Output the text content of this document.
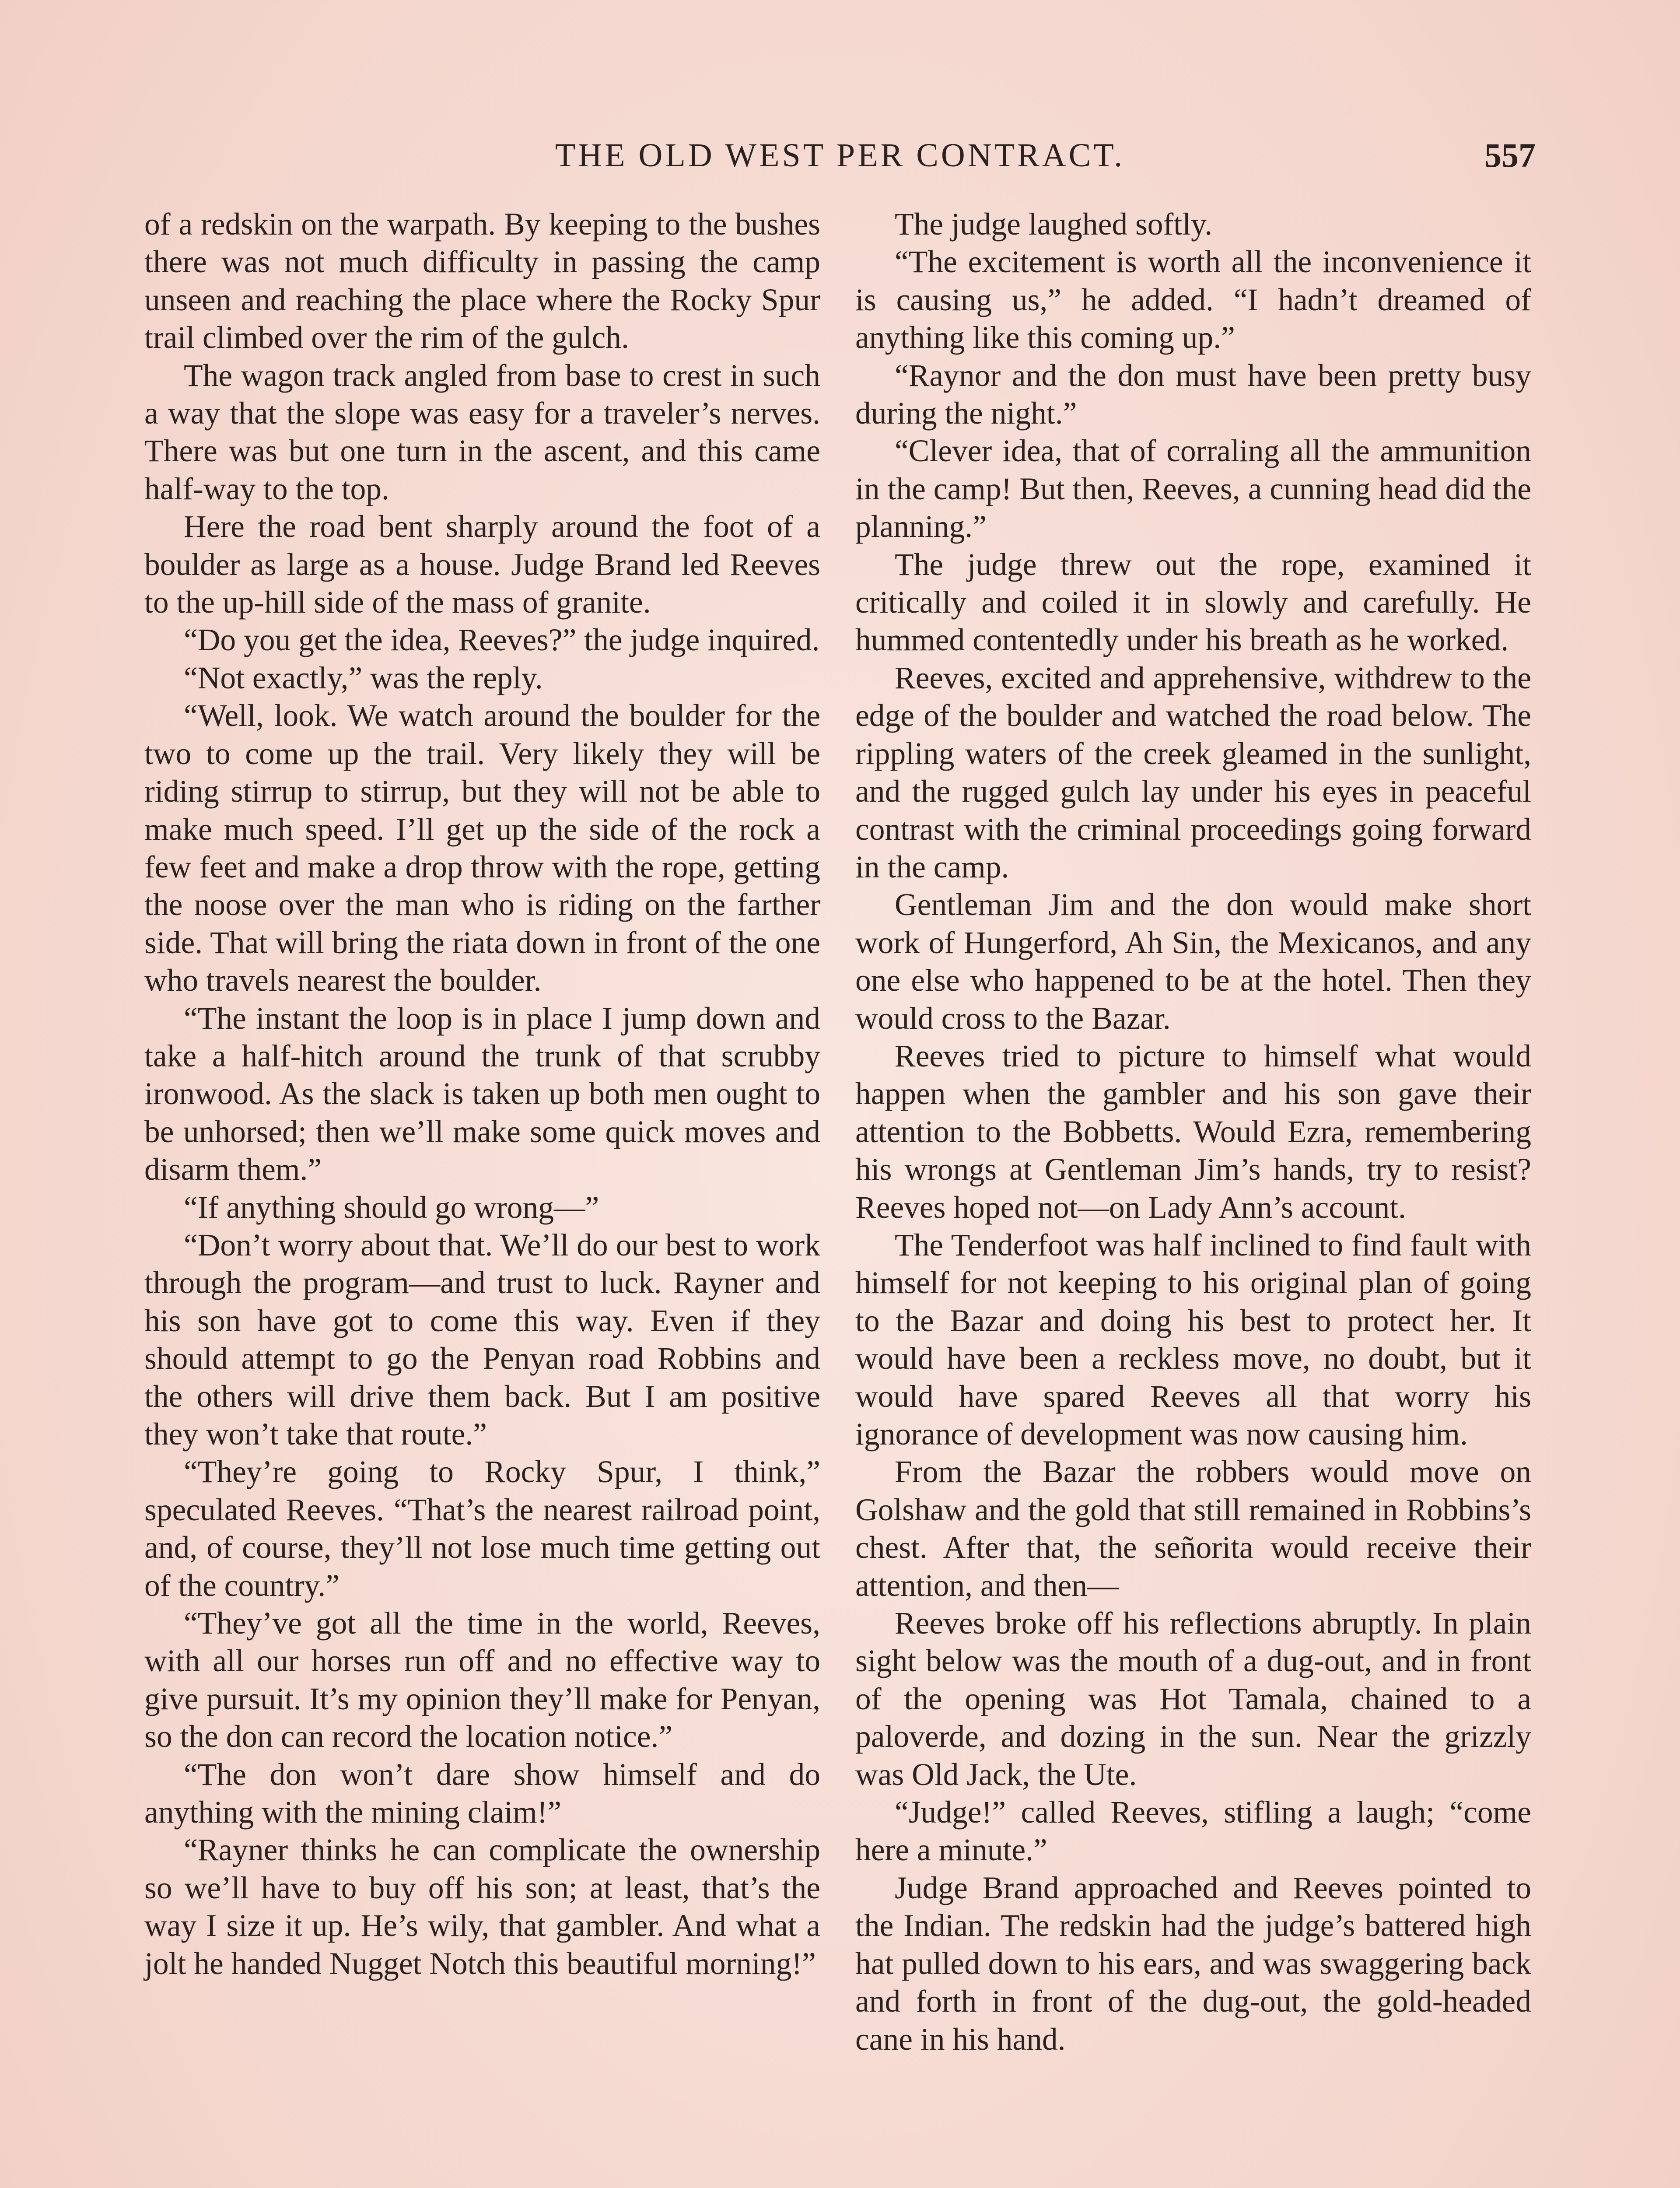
THE OLD WEST PER CONTRACT.	557

of a redskin on the warpath. By keeping to the bushes there was not much difficulty in passing the camp unseen and reaching the place where the Rocky Spur trail climbed over the rim of the gulch.

The wagon track angled from base to crest in such a way that the slope was easy for a traveler’s nerves. There was but one turn in the ascent, and this came half-way to the top.

Here the road bent sharply around the foot of a boulder as large as a house. Judge Brand led Reeves to the up-hill side of the mass of granite.

“Do you get the idea, Reeves?” the judge inquired.

“Not exactly,” was the reply.

“Well, look. We watch around the boulder for the two to come up the trail. Very likely they will be riding stirrup to stirrup, but they will not be able to make much speed. I’ll get up the side of the rock a few feet and make a drop throw with the rope, getting the noose over the man who is riding on the farther side. That will bring the riata down in front of the one who travels nearest the boulder.

“The instant the loop is in place I jump down and take a half-hitch around the trunk of that scrubby ironwood. As the slack is taken up both men ought to be unhorsed; then we’ll make some quick moves and disarm them.”

“If anything should go wrong—”

“Don’t worry about that. We’ll do our best to work through the program—and trust to luck. Rayner and his son have got to come this way. Even if they should attempt to go the Penyan road Robbins and the others will drive them back. But I am positive they won’t take that route.”

“They’re going to Rocky Spur, I think,” speculated Reeves. “That’s the nearest railroad point, and, of course, they’ll not lose much time getting out of the country.”

“They’ve got all the time in the world, Reeves, with all our horses run off and no effective way to give pursuit. It’s my opinion they’ll make for Penyan, so the don can record the location notice.”

“The don won’t dare show himself and do anything with the mining claim!”

“Rayner thinks he can complicate the ownership so we’ll have to buy off his son; at least, that’s the way I size it up. He’s wily, that gambler. And what a jolt he handed Nugget Notch this beautiful morning!”

The judge laughed softly.

“The excitement is worth all the inconvenience it is causing us,” he added. “I hadn’t dreamed of anything like this coming up.”

“Raynor and the don must have been pretty busy during the night.”

“Clever idea, that of corraling all the ammunition in the camp! But then, Reeves, a cunning head did the planning.”

The judge threw out the rope, examined it critically and coiled it in slowly and carefully. He hummed contentedly under his breath as he worked.

Reeves, excited and apprehensive, withdrew to the edge of the boulder and watched the road below. The rippling waters of the creek gleamed in the sunlight, and the rugged gulch lay under his eyes in peaceful contrast with the criminal proceedings going forward in the camp.

Gentleman Jim and the don would make short work of Hungerford, Ah Sin, the Mexicanos, and any one else who happened to be at the hotel. Then they would cross to the Bazar.

Reeves tried to picture to himself what would happen when the gambler and his son gave their attention to the Bobbetts. Would Ezra, remembering his wrongs at Gentleman Jim’s hands, try to resist? Reeves hoped not—on Lady Ann’s account.

The Tenderfoot was half inclined to find fault with himself for not keeping to his original plan of going to the Bazar and doing his best to protect her. It would have been a reckless move, no doubt, but it would have spared Reeves all that worry his ignorance of development was now causing him.

From the Bazar the robbers would move on Golshaw and the gold that still remained in Robbins’s chest. After that, the señorita would receive their attention, and then—

Reeves broke off his reflections abruptly. In plain sight below was the mouth of a dug-out, and in front of the opening was Hot Tamala, chained to a paloverde, and dozing in the sun. Near the grizzly was Old Jack, the Ute.

“Judge!” called Reeves, stifling a laugh; “come here a minute.”

Judge Brand approached and Reeves pointed to the Indian. The redskin had the judge’s battered high hat pulled down to his ears, and was swaggering back and forth in front of the dug-out, the gold-headed cane in his hand.
